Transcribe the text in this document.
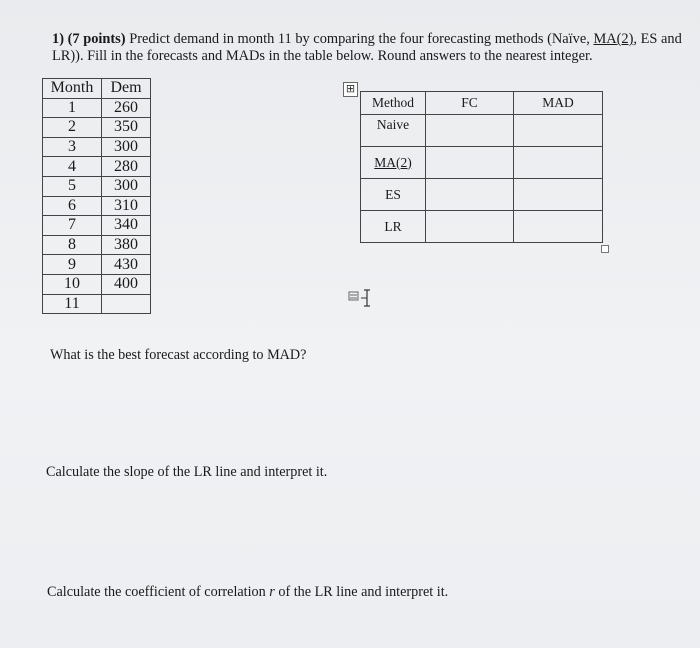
1) (7 points) Predict demand in month 11 by comparing the four forecasting methods (Naïve, MA(2), ES and LR)). Fill in the forecasts and MADs in the table below. Round answers to the nearest integer.
Month	Dem
1	260
2	350
3	300
4	280
5	300
6	310
7	340
8	380
9	430
10	400
11	
⊞
Method	FC	MAD
Naive		
MA(2)		
ES		
LR		
What is the best forecast according to MAD?
Calculate the slope of the LR line and interpret it.
Calculate the coefficient of correlation r of the LR line and interpret it.
